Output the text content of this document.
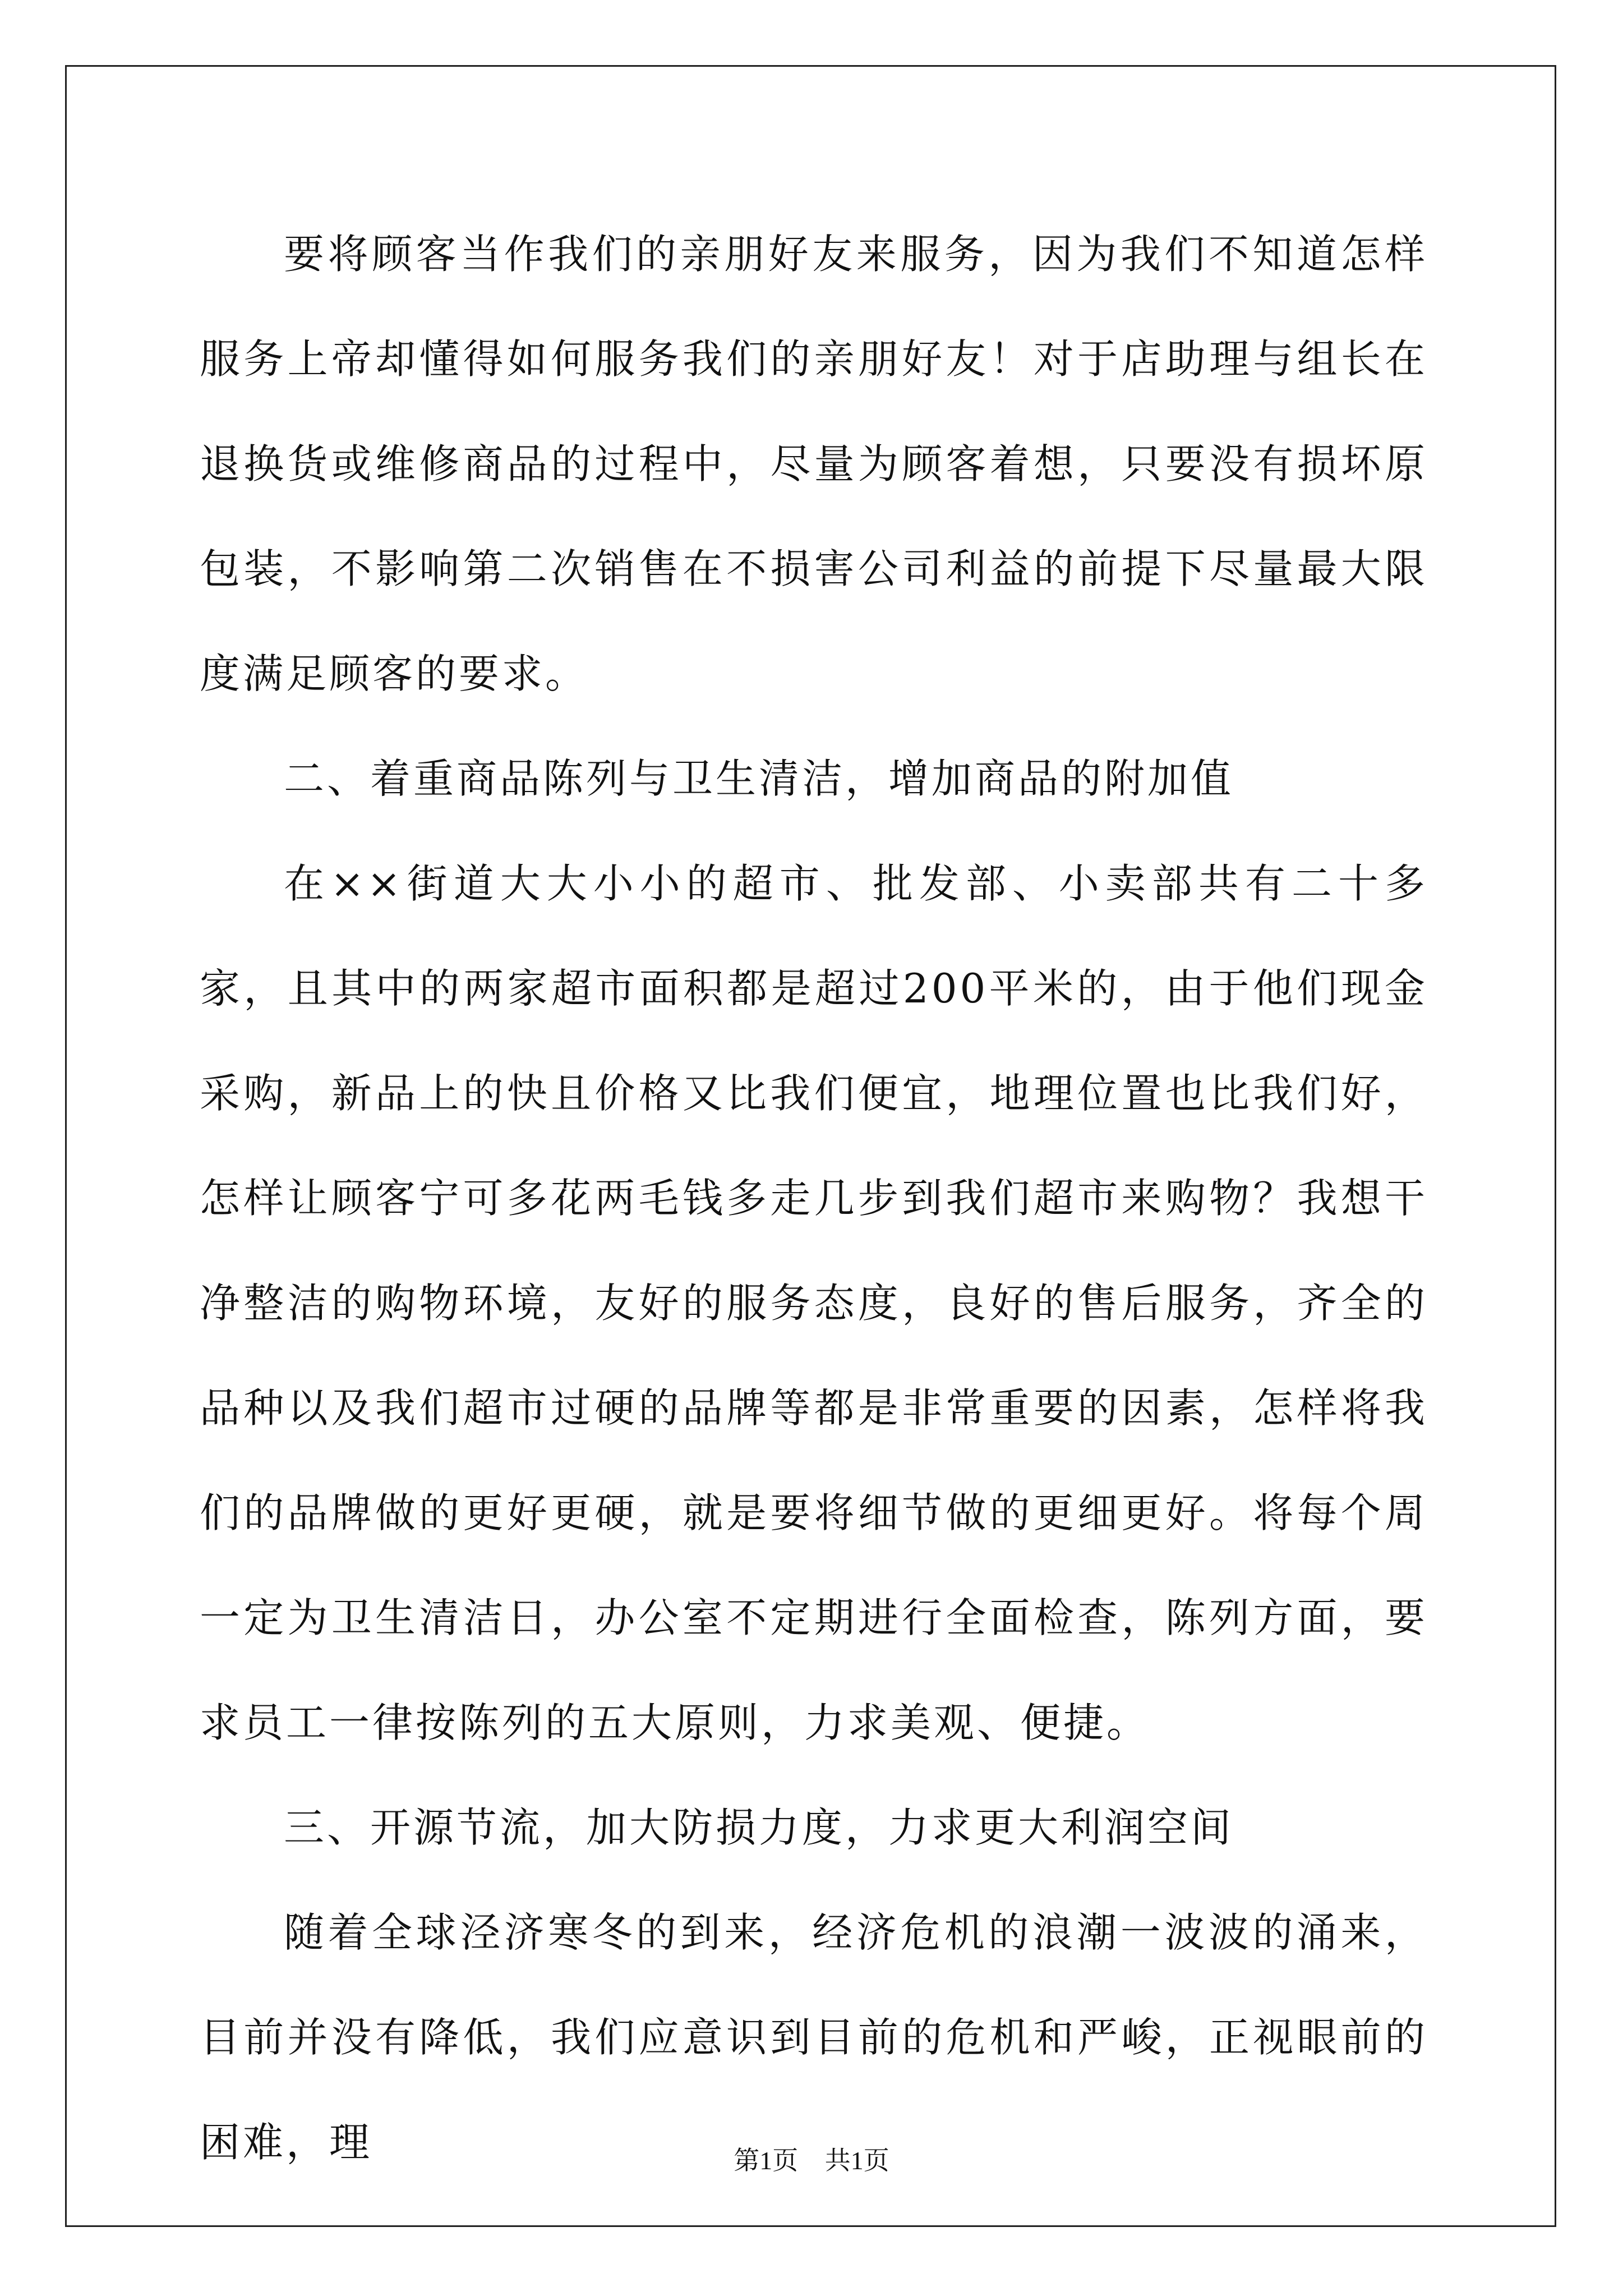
要将顾客当作我们的亲朋好友来服务，因为我们不知道怎样服务上帝却懂得如何服务我们的亲朋好友！对于店助理与组长在退换货或维修商品的过程中，尽量为顾客着想，只要没有损坏原包装，不影响第二次销售在不损害公司利益的前提下尽量最大限度满足顾客的要求。

二、着重商品陈列与卫生清洁，增加商品的附加值

在××街道大大小小的超市、批发部、小卖部共有二十多家，且其中的两家超市面积都是超过200平米的，由于他们现金采购，新品上的快且价格又比我们便宜，地理位置也比我们好，怎样让顾客宁可多花两毛钱多走几步到我们超市来购物？我想干净整洁的购物环境，友好的服务态度，良好的售后服务，齐全的品种以及我们超市过硬的品牌等都是非常重要的因素，怎样将我们的品牌做的更好更硬，就是要将细节做的更细更好。将每个周一定为卫生清洁日，办公室不定期进行全面检查，陈列方面，要求员工一律按陈列的五大原则，力求美观、便捷。

三、开源节流，加大防损力度，力求更大利润空间

随着全球泾济寒冬的到来，经济危机的浪潮一波波的涌来，目前并没有降低，我们应意识到目前的危机和严峻，正视眼前的困难，理	第1页 共1页
